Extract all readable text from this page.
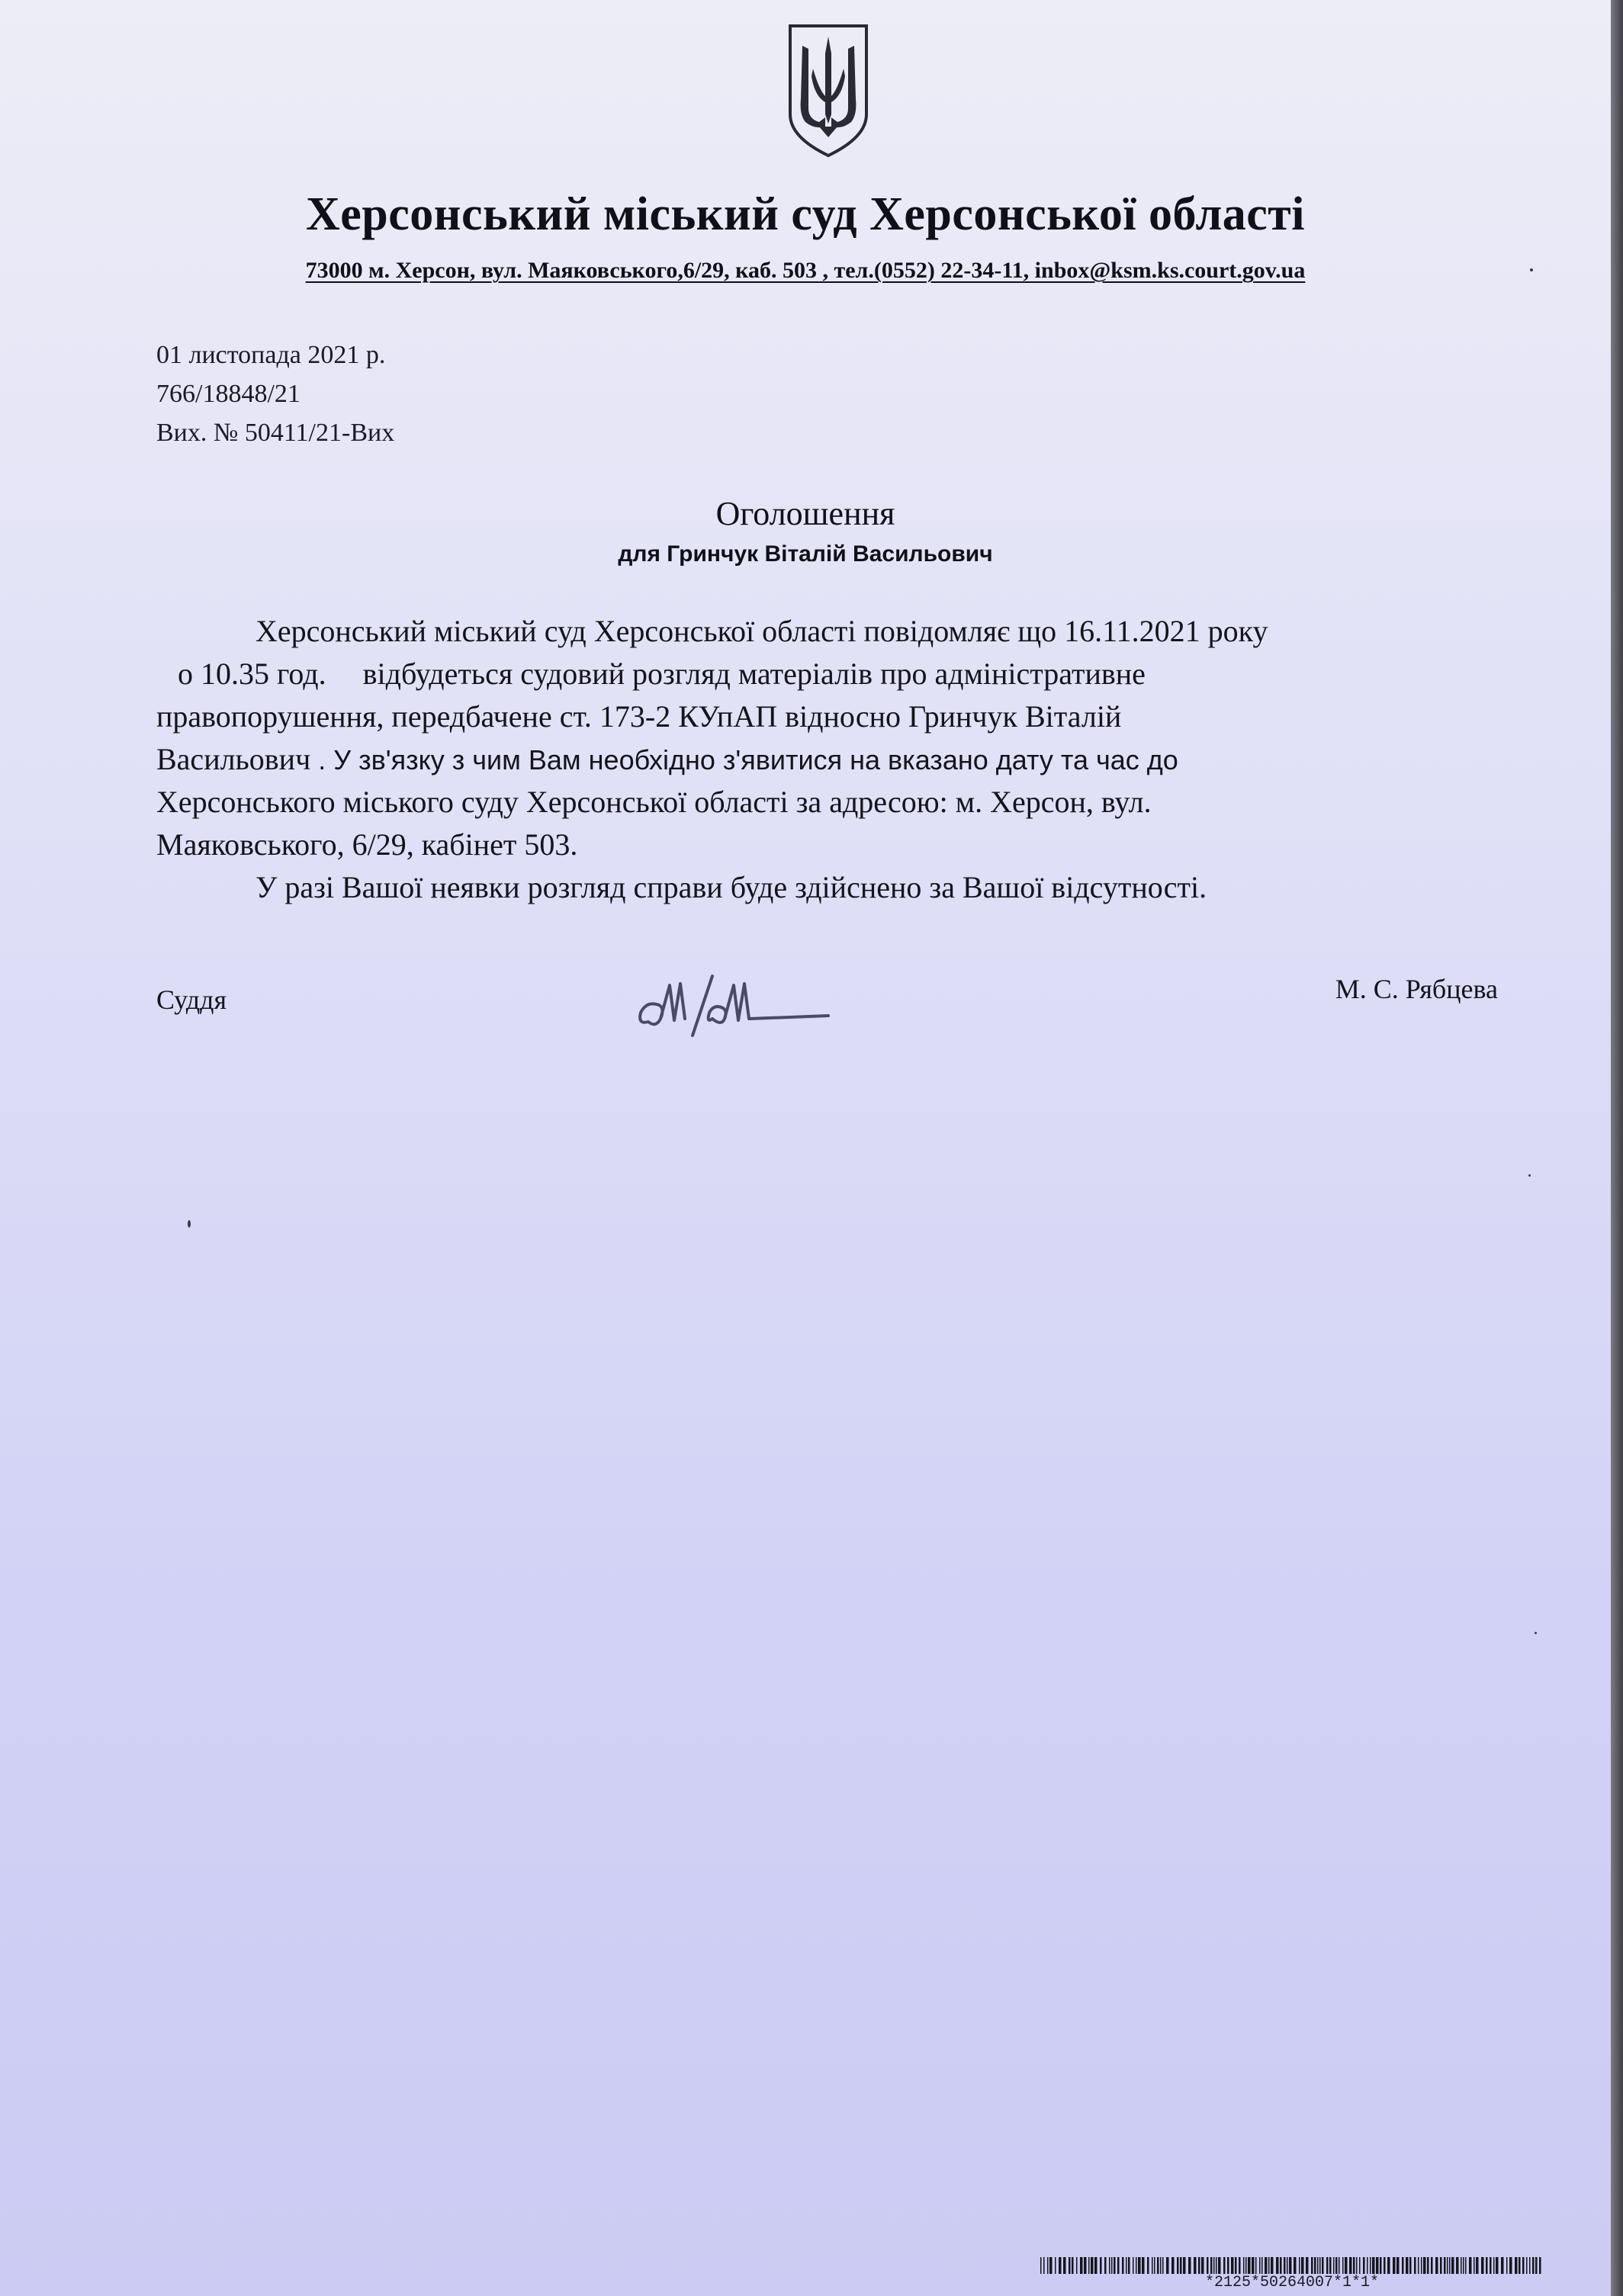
Херсонський міський суд Херсонської області
73000 м. Херсон, вул. Маяковського,6/29, каб. 503 , тел.(0552) 22-34-11, inbox@ksm.ks.court.gov.ua
01 листопада 2021 р.
766/18848/21
Вих. № 50411/21-Вих
Оголошення
для Гринчук Віталій Васильович
Херсонський міський суд Херсонської області повідомляє що 16.11.2021 року
о 10.35 год. відбудеться судовий розгляд матеріалів про адміністративне
правопорушення, передбачене ст. 173-2 КУпАП відносно Гринчук Віталій
Васильович . У зв'язку з чим Вам необхідно з'явитися на вказано дату та час до
Херсонського міського суду Херсонської області за адресою: м. Херсон, вул.
Маяковського, 6/29, кабінет 503.
У разі Вашої неявки розгляд справи буде здійснено за Вашої відсутності.
Суддя	М. С. Рябцева
*2125*50264007*1*1*
